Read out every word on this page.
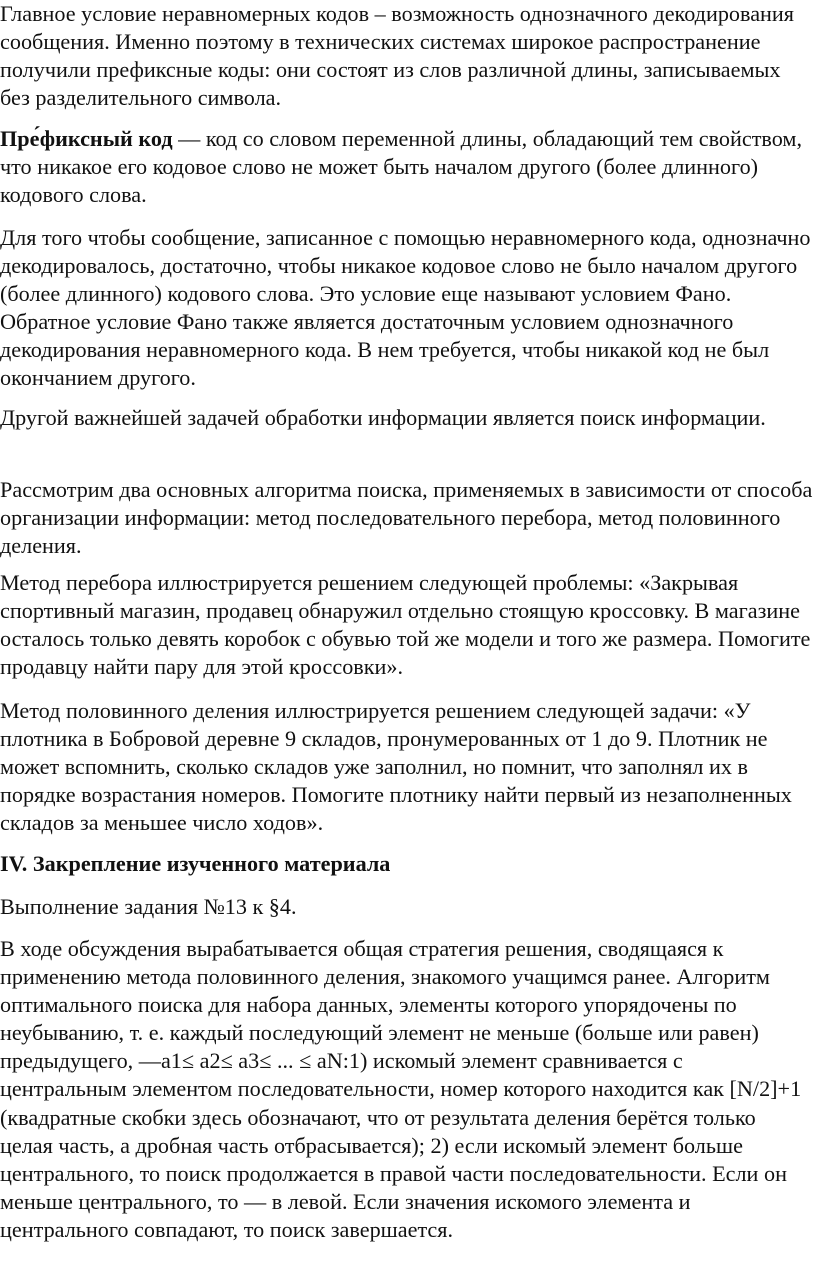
Главное условие неравномерных кодов – возможность однозначного декодирования сообщения. Именно поэтому в технических системах широкое распространение получили префиксные коды: они состоят из слов различной длины, записываемых без разделительного символа.

Пре́фиксный код — код со словом переменной длины, обладающий тем свойством, что никакое его кодовое слово не может быть началом другого (более длинного) кодового слова.

Для того чтобы сообщение, записанное с помощью неравномерного кода, однозначно декодировалось, достаточно, чтобы никакое кодовое слово не было началом другого (более длинного) кодового слова. Это условие еще называют условием Фано. Обратное условие Фано также является достаточным условием однозначного декодирования неравномерного кода. В нем требуется, чтобы никакой код не был окончанием другого.

Другой важнейшей задачей обработки информации является поиск информации.

Рассмотрим два основных алгоритма поиска, применяемых в зависимости от способа организации информации: метод последовательного перебора, метод половинного деления.

Метод перебора иллюстрируется решением следующей проблемы: «Закрывая спортивный магазин, продавец обнаружил отдельно стоящую кроссовку. В магазине осталось только девять коробок с обувью той же модели и того же размера. Помогите продавцу найти пару для этой кроссовки».

Метод половинного деления иллюстрируется решением следующей задачи: «У плотника в Бобровой деревне 9 складов, пронумерованных от 1 до 9. Плотник не может вспомнить, сколько складов уже заполнил, но помнит, что заполнял их в порядке возрастания номеров. Помогите плотнику найти первый из незаполненных складов за меньшее число ходов».

IV. Закрепление изученного материала

Выполнение задания №13 к §4.

В ходе обсуждения вырабатывается общая стратегия решения, сводящаяся к применению метода половинного деления, знакомого учащимся ранее. Алгоритм оптимального поиска для набора данных, элементы которого упорядочены по неубыванию, т. е. каждый последующий элемент не меньше (больше или равен) предыдущего, —a1≤ a2≤ a3≤ ... ≤ aN:1) искомый элемент сравнивается с центральным элементом последовательности, номер которого находится как [N/2]+1 (квадратные скобки здесь обозначают, что от результата деления берётся только целая часть, а дробная часть отбрасывается); 2) если искомый элемент больше центрального, то поиск продолжается в правой части последовательности. Если он меньше центрального, то — в левой. Если значения искомого элемента и центрального совпадают, то поиск завершается.
